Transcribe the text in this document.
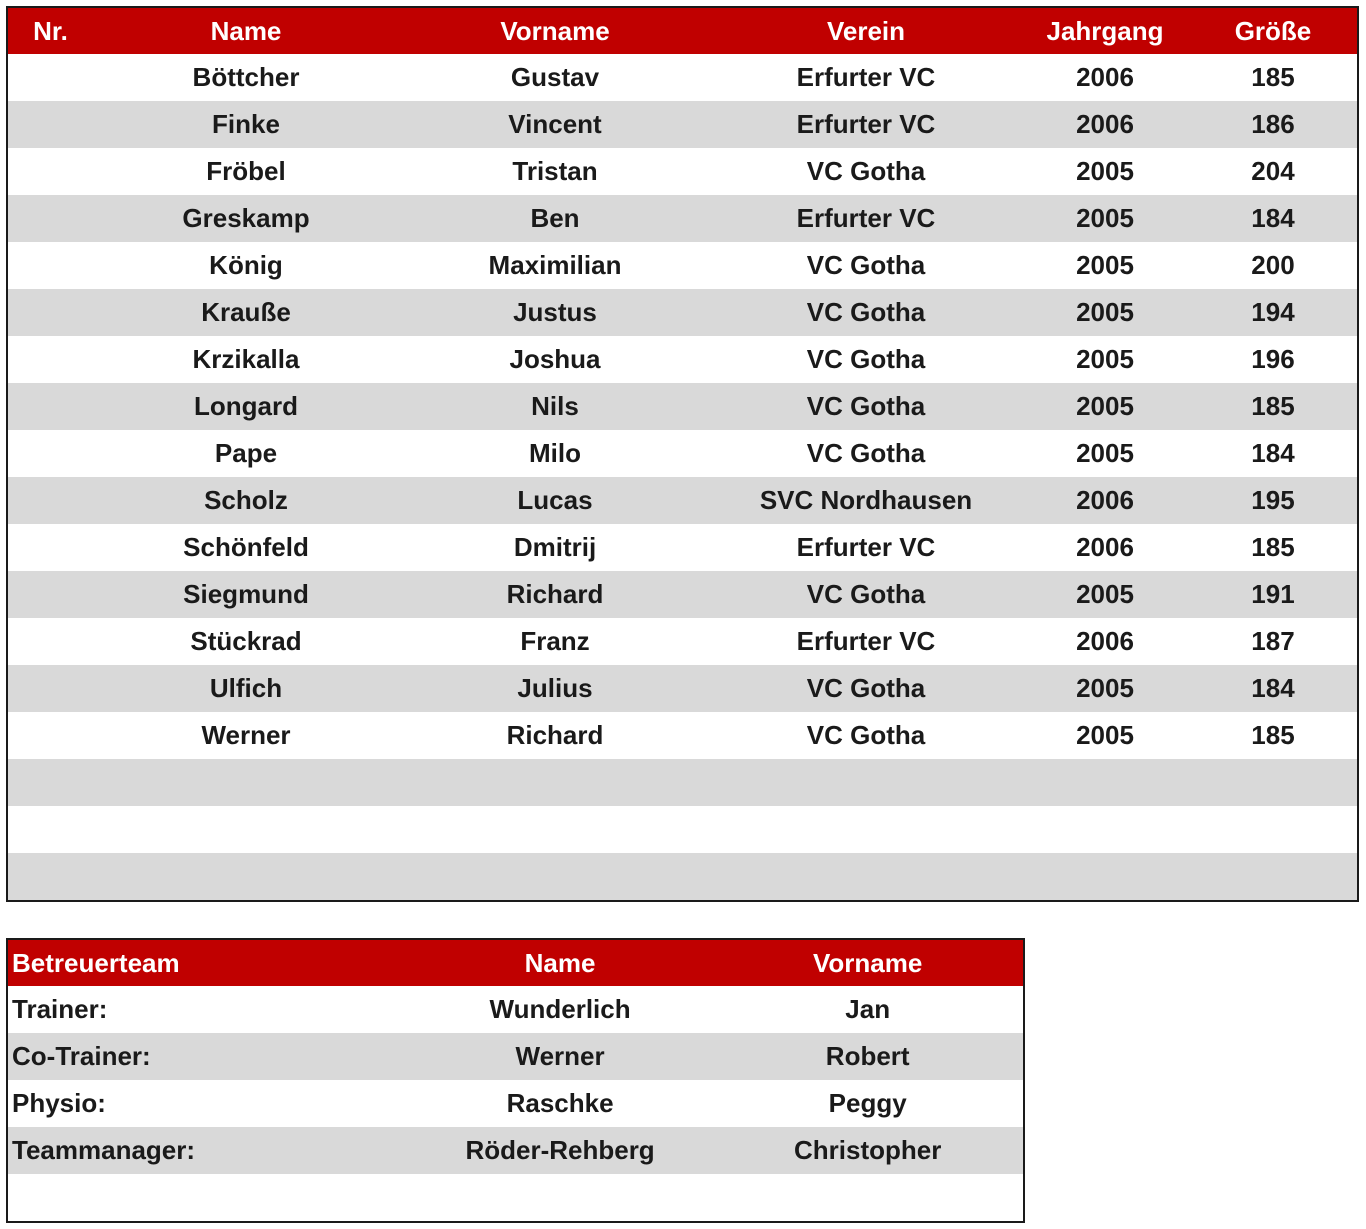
Nr.	Name	Vorname	Verein	Jahrgang	Größe
	Böttcher	Gustav	Erfurter VC	2006	185
	Finke	Vincent	Erfurter VC	2006	186
	Fröbel	Tristan	VC Gotha	2005	204
	Greskamp	Ben	Erfurter VC	2005	184
	König	Maximilian	VC Gotha	2005	200
	Krauße	Justus	VC Gotha	2005	194
	Krzikalla	Joshua	VC Gotha	2005	196
	Longard	Nils	VC Gotha	2005	185
	Pape	Milo	VC Gotha	2005	184
	Scholz	Lucas	SVC Nordhausen	2006	195
	Schönfeld	Dmitrij	Erfurter VC	2006	185
	Siegmund	Richard	VC Gotha	2005	191
	Stückrad	Franz	Erfurter VC	2006	187
	Ulfich	Julius	VC Gotha	2005	184
	Werner	Richard	VC Gotha	2005	185

Betreuerteam	Name	Vorname
Trainer:	Wunderlich	Jan
Co-Trainer:	Werner	Robert
Physio:	Raschke	Peggy
Teammanager:	Röder-Rehberg	Christopher
